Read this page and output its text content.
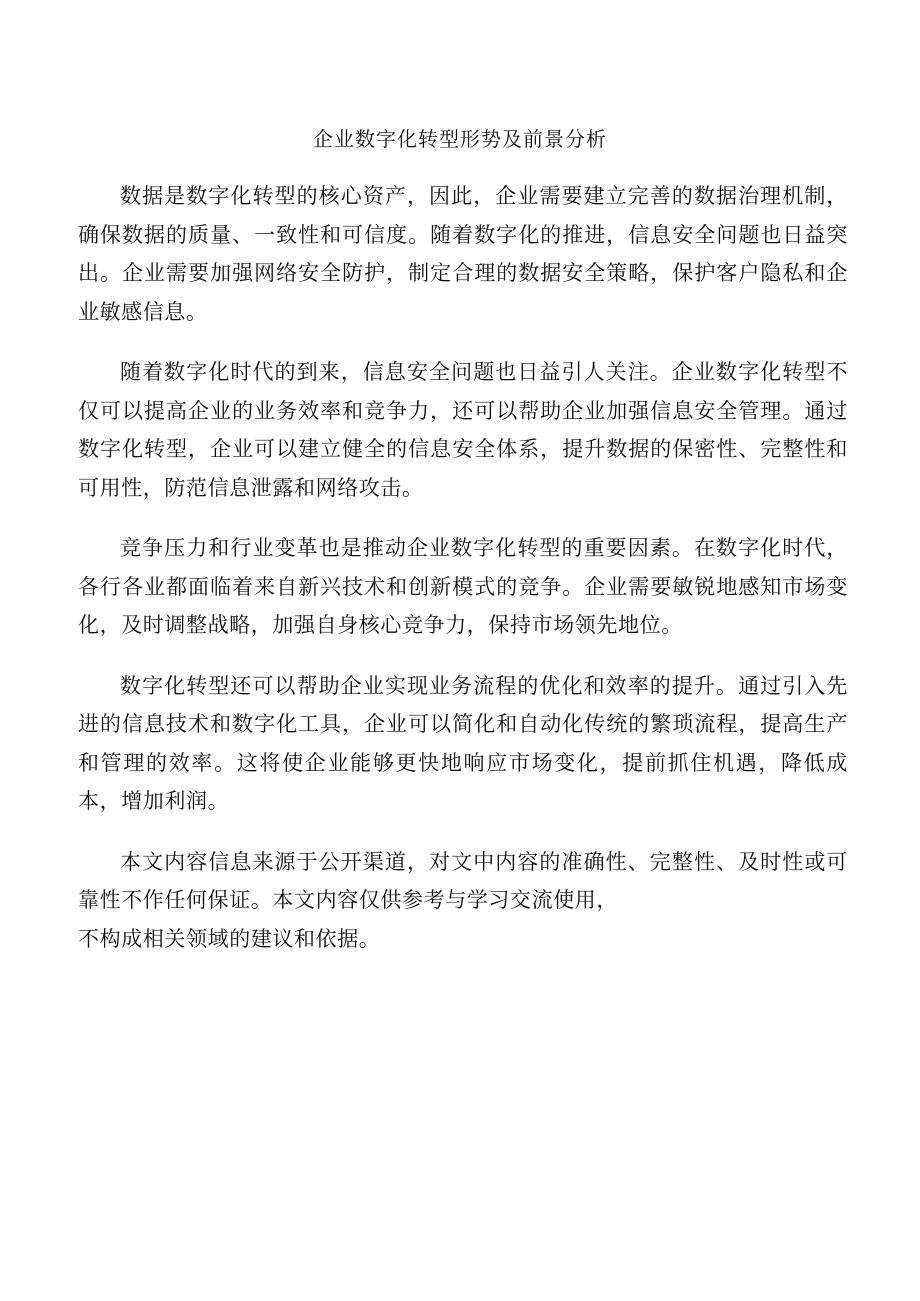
企业数字化转型形势及前景分析

数据是数字化转型的核心资产，因此，企业需要建立完善的数据治理机制，确保数据的质量、一致性和可信度。随着数字化的推进，信息安全问题也日益突出。企业需要加强网络安全防护，制定合理的数据安全策略，保护客户隐私和企业敏感信息。

随着数字化时代的到来，信息安全问题也日益引人关注。企业数字化转型不仅可以提高企业的业务效率和竞争力，还可以帮助企业加强信息安全管理。通过数字化转型，企业可以建立健全的信息安全体系，提升数据的保密性、完整性和可用性，防范信息泄露和网络攻击。

竞争压力和行业变革也是推动企业数字化转型的重要因素。在数字化时代，各行各业都面临着来自新兴技术和创新模式的竞争。企业需要敏锐地感知市场变化，及时调整战略，加强自身核心竞争力，保持市场领先地位。

数字化转型还可以帮助企业实现业务流程的优化和效率的提升。通过引入先进的信息技术和数字化工具，企业可以简化和自动化传统的繁琐流程，提高生产和管理的效率。这将使企业能够更快地响应市场变化，提前抓住机遇，降低成本，增加利润。

本文内容信息来源于公开渠道，对文中内容的准确性、完整性、及时性或可靠性不作任何保证。本文内容仅供参考与学习交流使用，
不构成相关领域的建议和依据。
